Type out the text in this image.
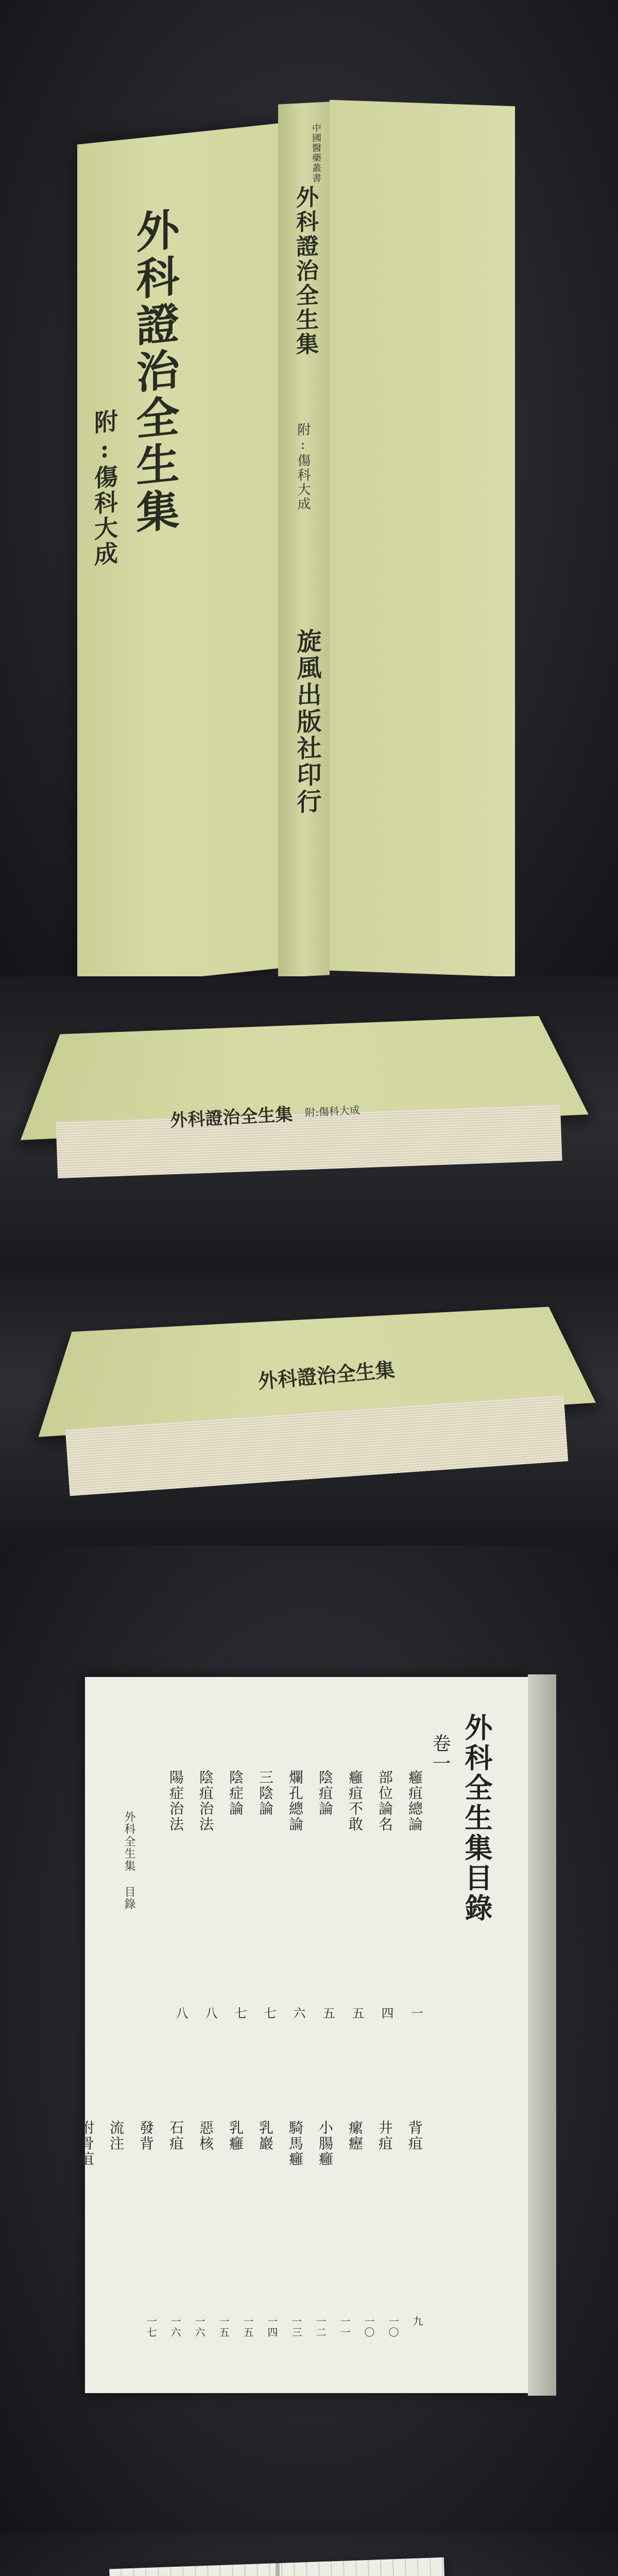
外科證治全生集
附:傷科大成
中國醫藥叢書
外科證治全生集
附:傷科大成
旋風出版社印行
外科證治全生集 附:傷科大成
外科證治全生集
外科全生集目錄
卷一
癰疽總論
部位論名
癰疽不敢
陰疽論
爛孔總論
三陰論
陰症論
陰疽治法
陽症治法
一
四
五
五
六
七
七
八
八
背疽
井疽
瘰癧
小腸癰
騎馬癰
乳巖
乳癰
惡核
石疽
發背
流注
附骨疽
九
一〇
一〇
一一
一二
一三
一四
一五
一五
一六
一六
一七
外科全生集 目錄
